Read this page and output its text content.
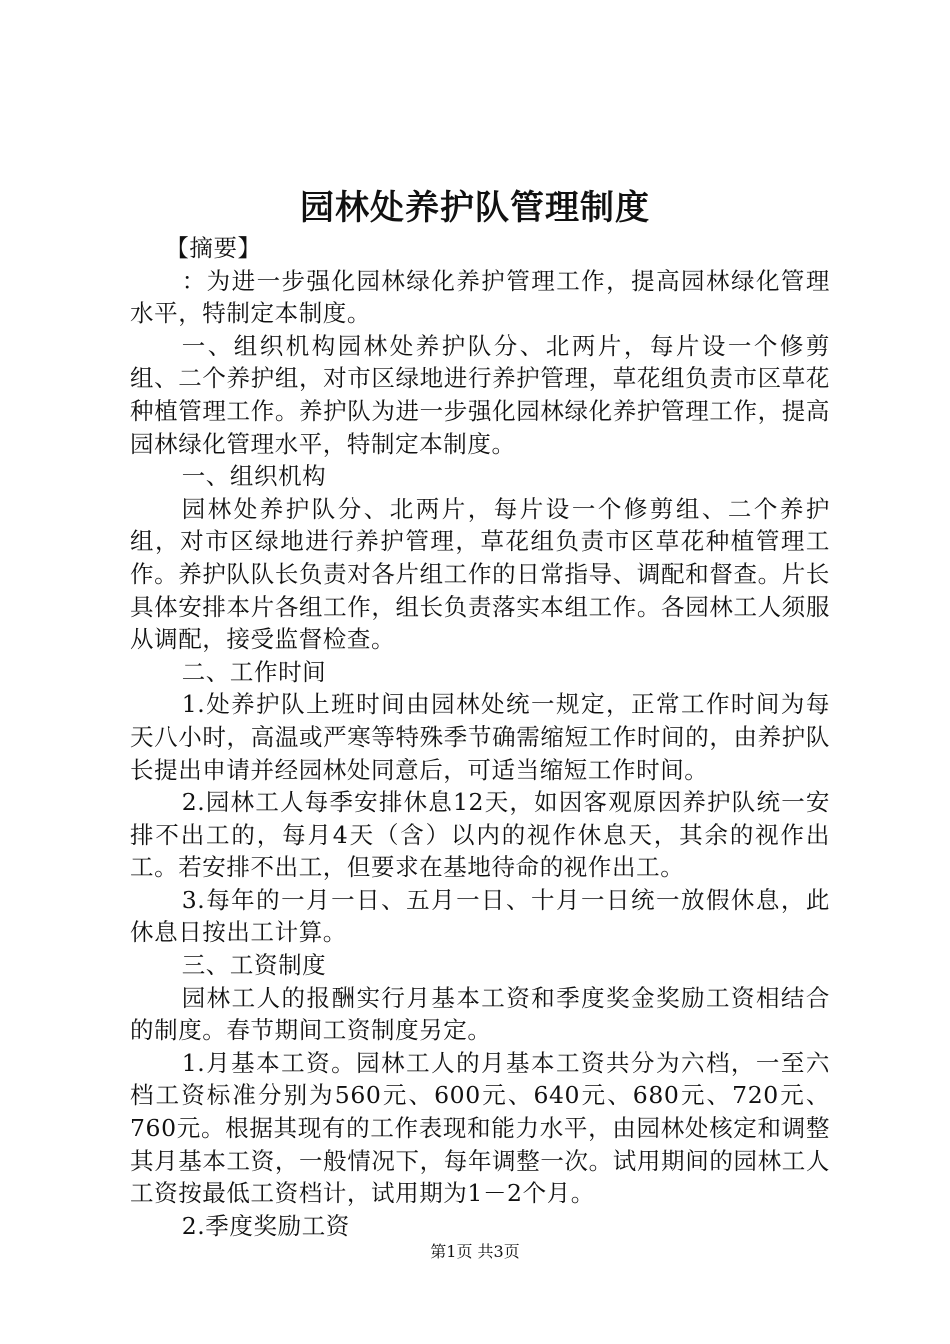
园林处养护队管理制度

【摘要】

：为进一步强化园林绿化养护管理工作，提高园林绿化管理水平，特制定本制度。

一、组织机构园林处养护队分、北两片，每片设一个修剪组、二个养护组，对市区绿地进行养护管理，草花组负责市区草花种植管理工作。养护队为进一步强化园林绿化养护管理工作，提高园林绿化管理水平，特制定本制度。

一、组织机构

园林处养护队分、北两片，每片设一个修剪组、二个养护组，对市区绿地进行养护管理，草花组负责市区草花种植管理工作。养护队队长负责对各片组工作的日常指导、调配和督查。片长具体安排本片各组工作，组长负责落实本组工作。各园林工人须服从调配，接受监督检查。

二、工作时间

1.处养护队上班时间由园林处统一规定，正常工作时间为每天八小时，高温或严寒等特殊季节确需缩短工作时间的，由养护队长提出申请并经园林处同意后，可适当缩短工作时间。

2.园林工人每季安排休息12天，如因客观原因养护队统一安排不出工的，每月4天（含）以内的视作休息天，其余的视作出工。若安排不出工，但要求在基地待命的视作出工。

3.每年的一月一日、五月一日、十月一日统一放假休息，此休息日按出工计算。

三、工资制度

园林工人的报酬实行月基本工资和季度奖金奖励工资相结合的制度。春节期间工资制度另定。

1.月基本工资。园林工人的月基本工资共分为六档，一至六档工资标准分别为560元、600元、640元、680元、720元、760元。根据其现有的工作表现和能力水平，由园林处核定和调整其月基本工资，一般情况下，每年调整一次。试用期间的园林工人工资按最低工资档计，试用期为1－2个月。

2.季度奖励工资

第1页 共3页
